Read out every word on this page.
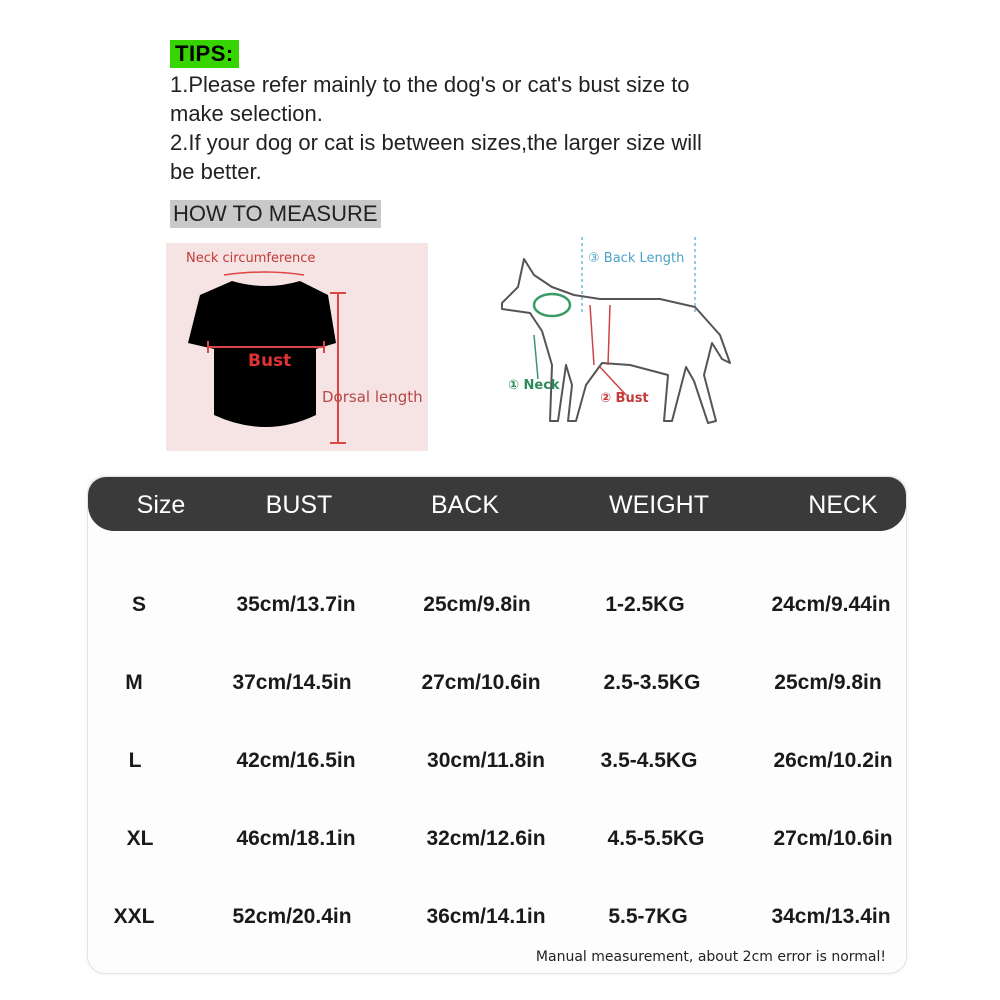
TIPS:
1.Please refer mainly to the dog's or cat's bust size to
make selection.
2.If your dog or cat is between sizes,the larger size will
be better.
HOW TO MEASURE
Neck circumference
Bust
Dorsal length
③ Back Length
① Neck
② Bust
Size	BUST	BACK	WEIGHT	NECK
S	35cm/13.7in	25cm/9.8in	1-2.5KG	24cm/9.44in
M	37cm/14.5in	27cm/10.6in	2.5-3.5KG	25cm/9.8in
L	42cm/16.5in	30cm/11.8in	3.5-4.5KG	26cm/10.2in
XL	46cm/18.1in	32cm/12.6in	4.5-5.5KG	27cm/10.6in
XXL	52cm/20.4in	36cm/14.1in	5.5-7KG	34cm/13.4in
Manual measurement, about 2cm error is normal!
